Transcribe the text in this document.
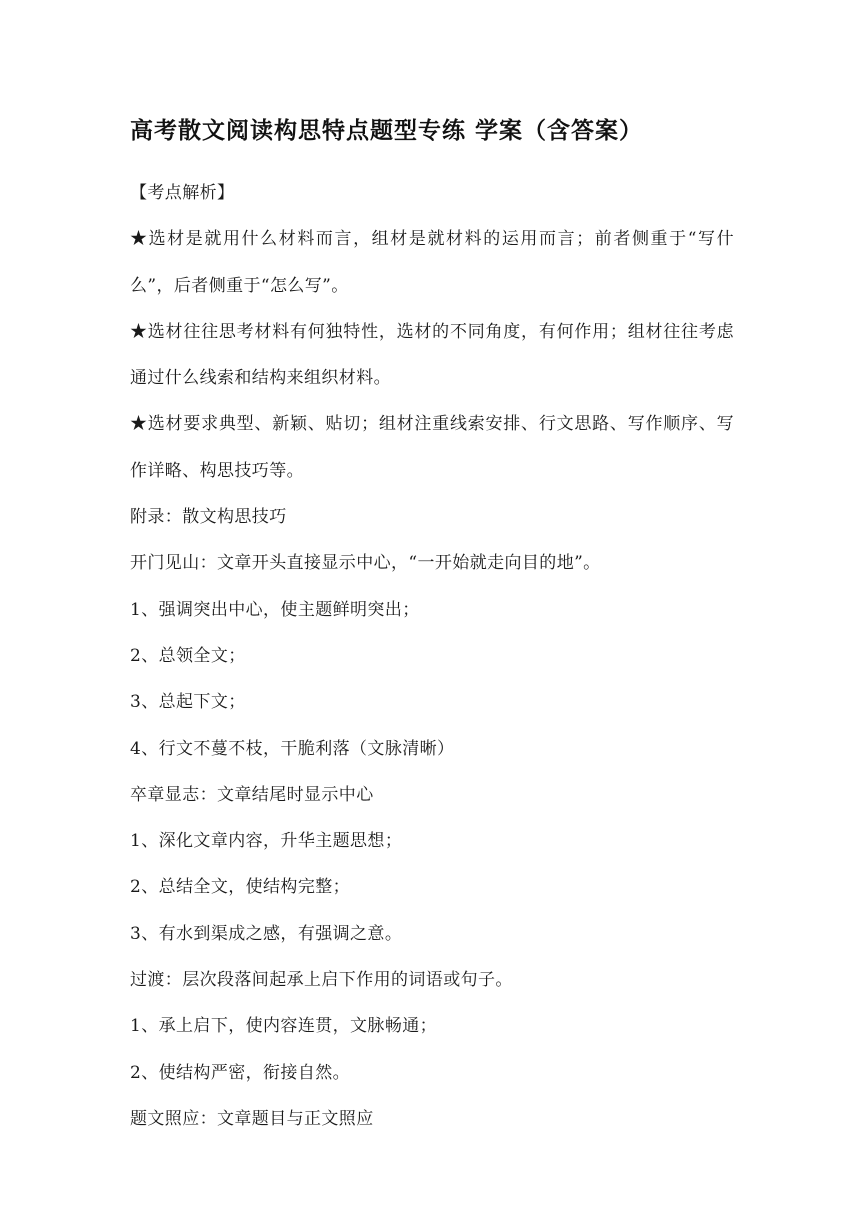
高考散文阅读构思特点题型专练 学案（含答案）

【考点解析】

★选材是就用什么材料而言，组材是就材料的运用而言；前者侧重于“写什么”，后者侧重于“怎么写”。

★选材往往思考材料有何独特性，选材的不同角度，有何作用；组材往往考虑通过什么线索和结构来组织材料。

★选材要求典型、新颖、贴切；组材注重线索安排、行文思路、写作顺序、写作详略、构思技巧等。

附录：散文构思技巧

开门见山：文章开头直接显示中心，“一开始就走向目的地”。

1、强调突出中心，使主题鲜明突出；

2、总领全文；

3、总起下文；

4、行文不蔓不枝，干脆利落（文脉清晰）

卒章显志：文章结尾时显示中心

1、深化文章内容，升华主题思想；

2、总结全文，使结构完整；

3、有水到渠成之感，有强调之意。

过渡：层次段落间起承上启下作用的词语或句子。

1、承上启下，使内容连贯，文脉畅通；

2、使结构严密，衔接自然。

题文照应：文章题目与正文照应
